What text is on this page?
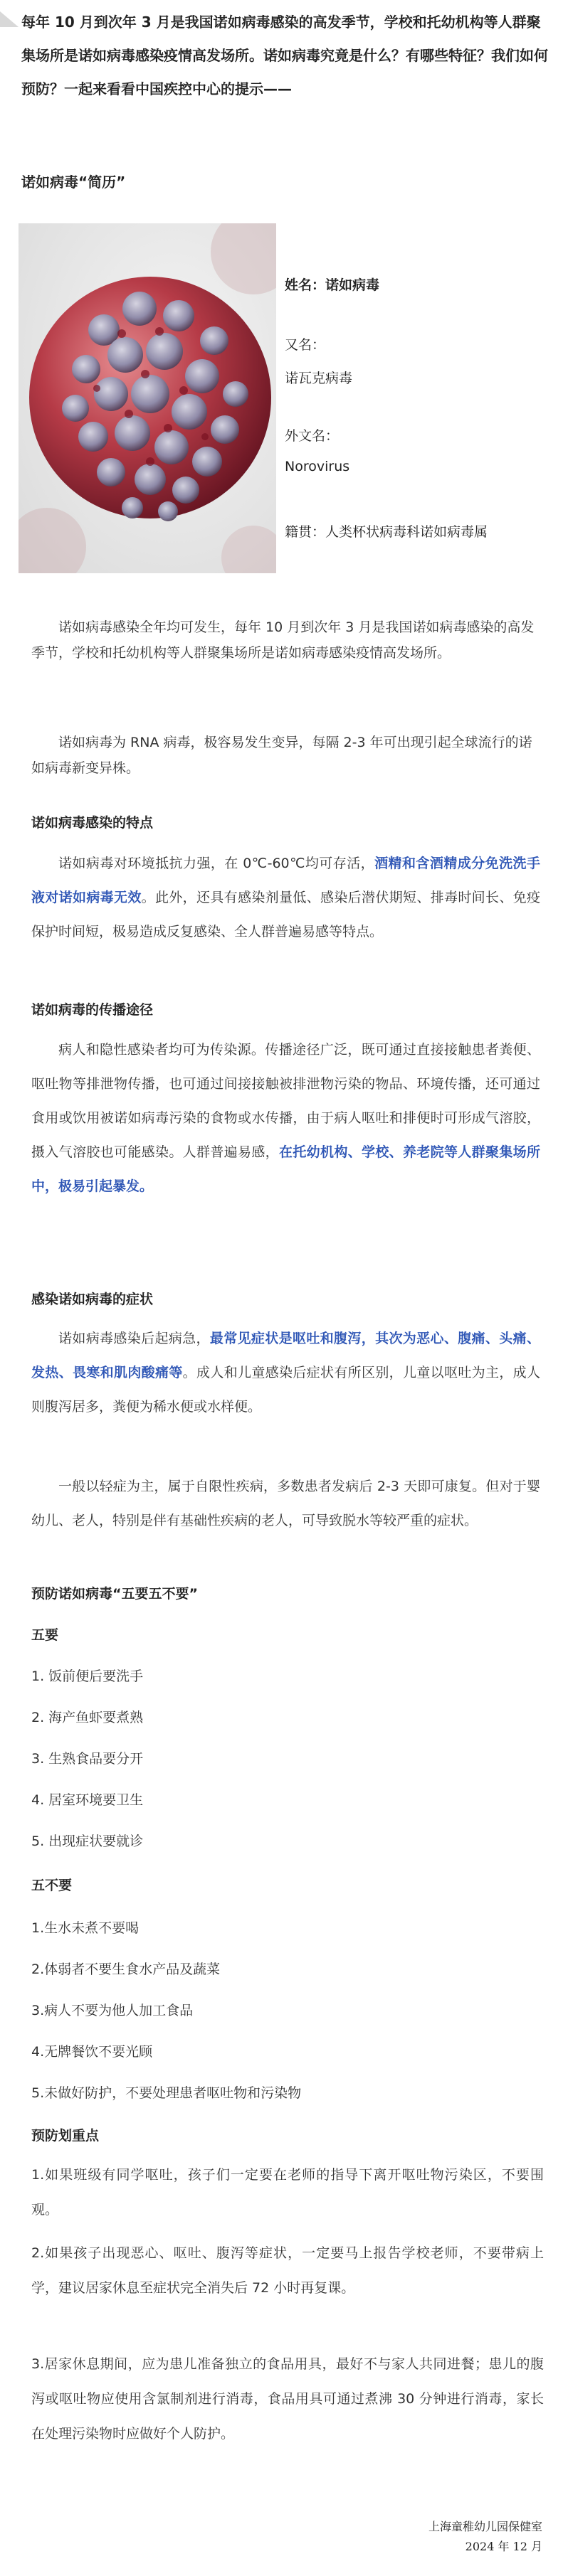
每年 10 月到次年 3 月是我国诺如病毒感染的高发季节，学校和托幼机构等人群聚集场所是诺如病毒感染疫情高发场所。诺如病毒究竟是什么？有哪些特征？我们如何预防？一起来看看中国疾控中心的提示——
诺如病毒“简历”
姓名：诺如病毒
又名：
诺瓦克病毒
外文名：
Norovirus
籍贯：人类杯状病毒科诺如病毒属
诺如病毒感染全年均可发生，每年 10 月到次年 3 月是我国诺如病毒感染的高发季节，学校和托幼机构等人群聚集场所是诺如病毒感染疫情高发场所。
诺如病毒为 RNA 病毒，极容易发生变异，每隔 2-3 年可出现引起全球流行的诺如病毒新变异株。
诺如病毒感染的特点
诺如病毒对环境抵抗力强，在 0℃-60℃均可存活，酒精和含酒精成分免洗洗手液对诺如病毒无效。此外，还具有感染剂量低、感染后潜伏期短、排毒时间长、免疫保护时间短，极易造成反复感染、全人群普遍易感等特点。
诺如病毒的传播途径
病人和隐性感染者均可为传染源。传播途径广泛，既可通过直接接触患者粪便、呕吐物等排泄物传播，也可通过间接接触被排泄物污染的物品、环境传播，还可通过食用或饮用被诺如病毒污染的食物或水传播，由于病人呕吐和排便时可形成气溶胶，摄入气溶胶也可能感染。人群普遍易感，在托幼机构、学校、养老院等人群聚集场所中，极易引起暴发。
感染诺如病毒的症状
诺如病毒感染后起病急，最常见症状是呕吐和腹泻，其次为恶心、腹痛、头痛、发热、畏寒和肌肉酸痛等。成人和儿童感染后症状有所区别，儿童以呕吐为主，成人则腹泻居多，粪便为稀水便或水样便。
一般以轻症为主，属于自限性疾病，多数患者发病后 2-3 天即可康复。但对于婴幼儿、老人，特别是伴有基础性疾病的老人，可导致脱水等较严重的症状。
预防诺如病毒“五要五不要”
五要
1. 饭前便后要洗手
2. 海产鱼虾要煮熟
3. 生熟食品要分开
4. 居室环境要卫生
5. 出现症状要就诊
五不要
1.生水未煮不要喝
2.体弱者不要生食水产品及蔬菜
3.病人不要为他人加工食品
4.无牌餐饮不要光顾
5.未做好防护，不要处理患者呕吐物和污染物
预防划重点
1.如果班级有同学呕吐，孩子们一定要在老师的指导下离开呕吐物污染区，不要围观。
2.如果孩子出现恶心、呕吐、腹泻等症状，一定要马上报告学校老师，不要带病上学，建议居家休息至症状完全消失后 72 小时再复课。
3.居家休息期间，应为患儿准备独立的食品用具，最好不与家人共同进餐；患儿的腹泻或呕吐物应使用含氯制剂进行消毒，食品用具可通过煮沸 30 分钟进行消毒，家长在处理污染物时应做好个人防护。
上海童稚幼儿园保健室
2024 年 12 月
